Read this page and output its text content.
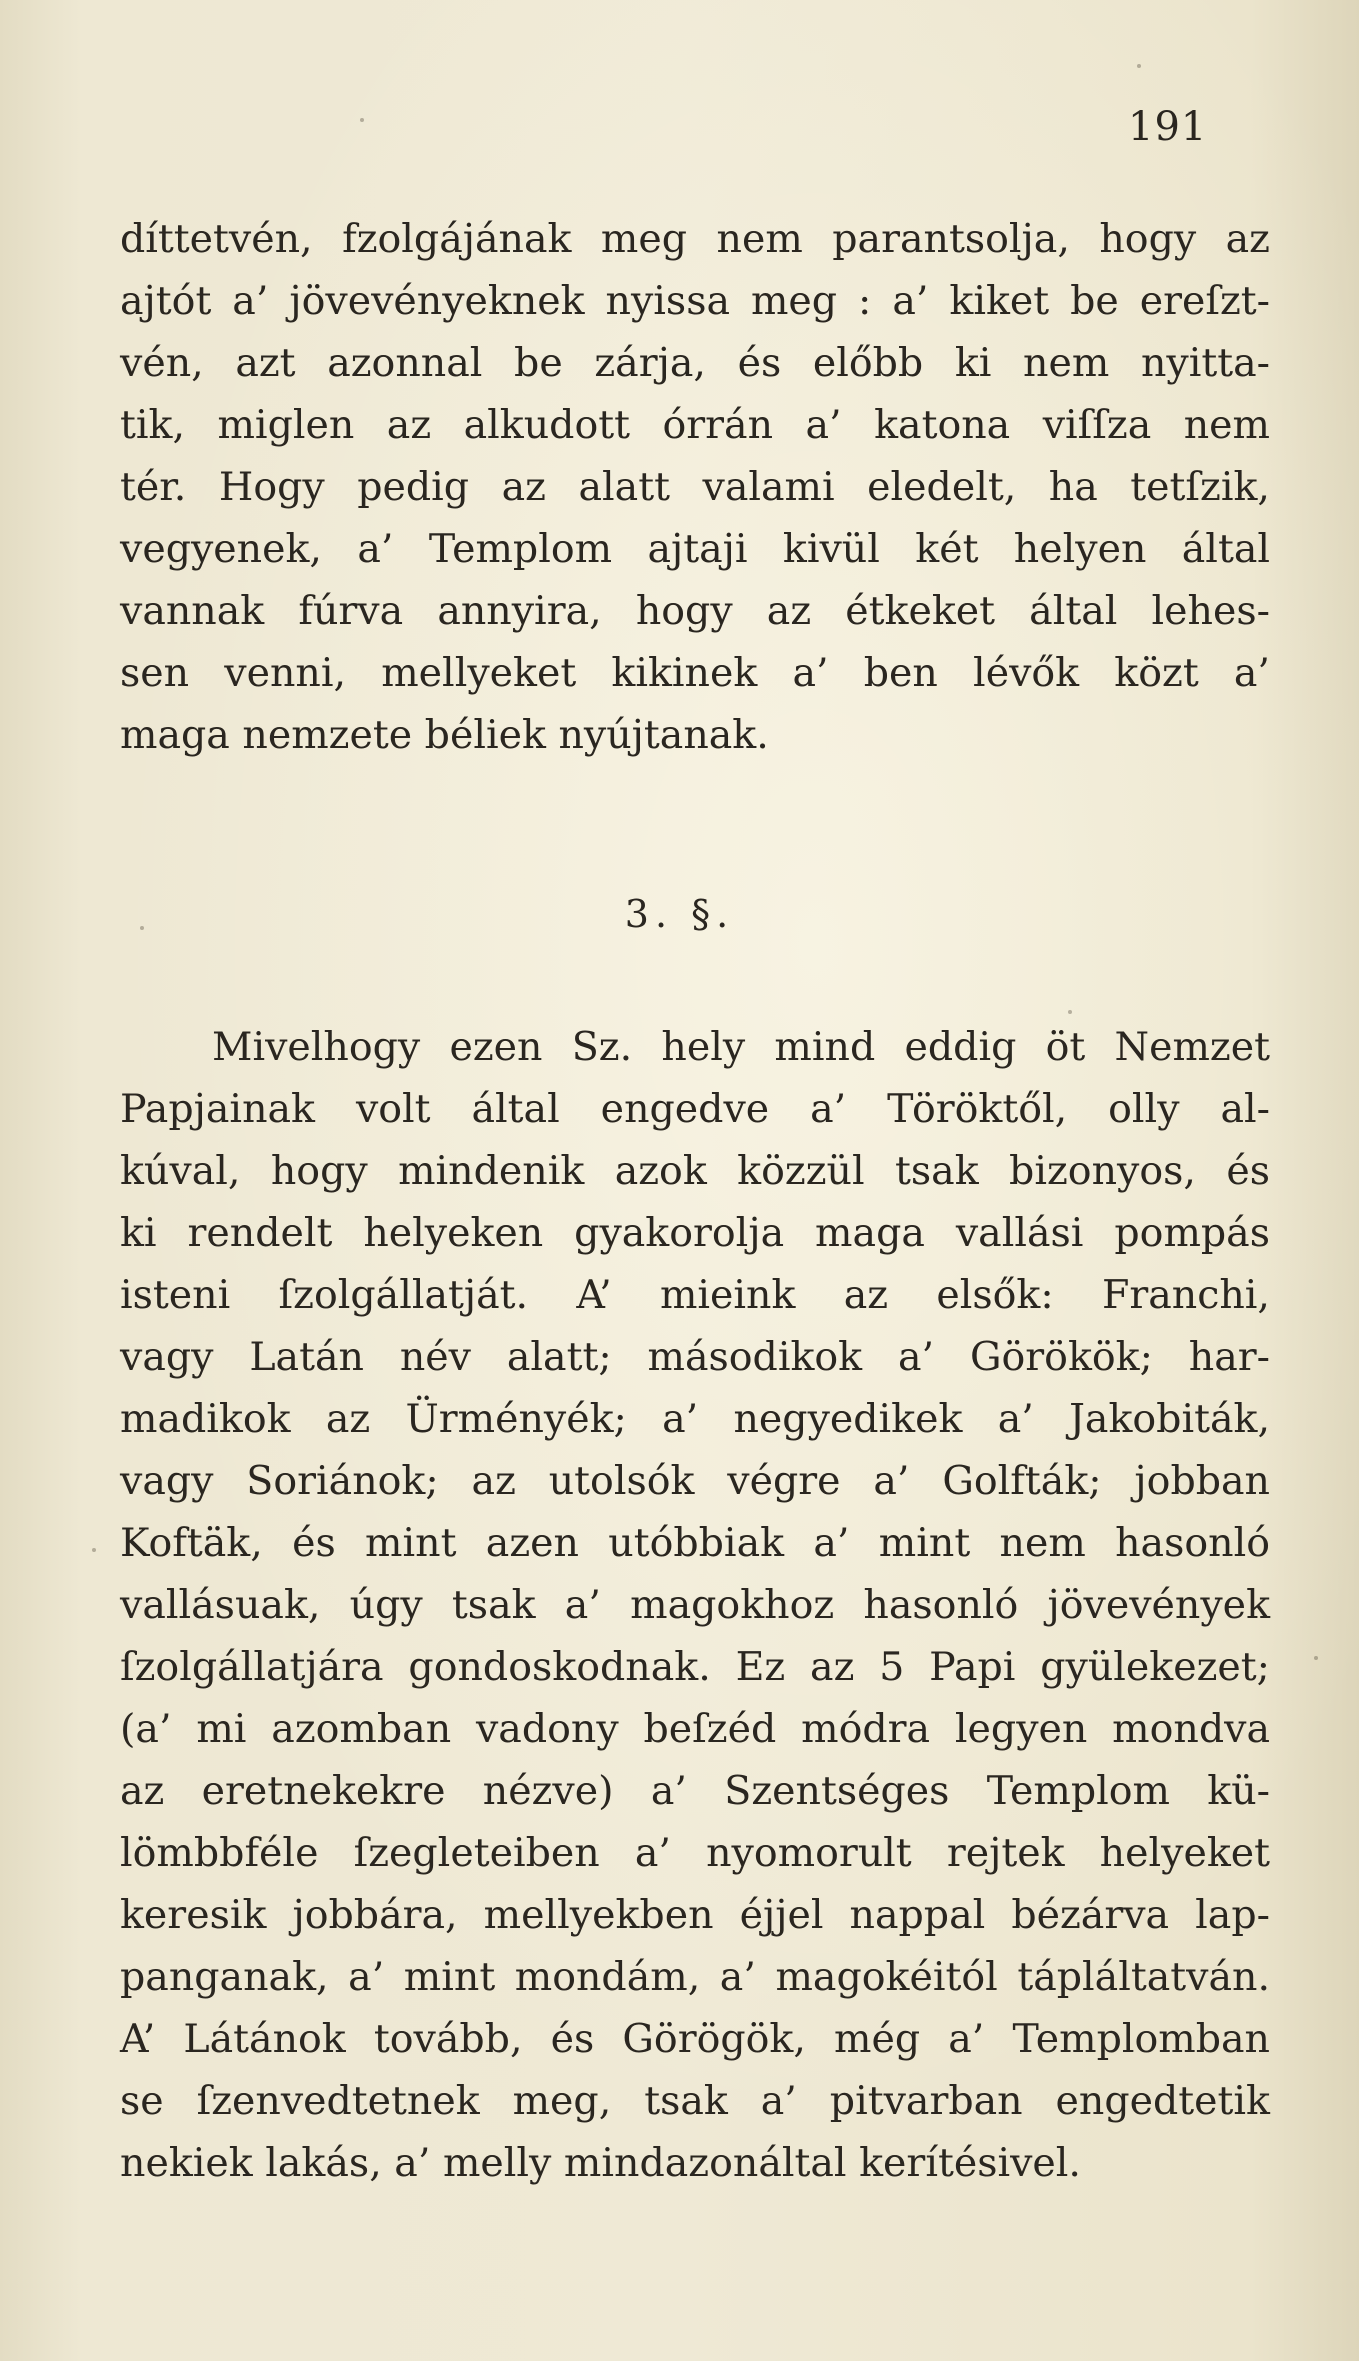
191
díttetvén, fzolgájának meg nem parantsolja, hogy az
ajtót a’ jövevényeknek nyissa meg : a’ kiket be ereſzt-
vén, azt azonnal be zárja, és előbb ki nem nyitta-
tik, miglen az alkudott órrán a’ katona viſſza nem
tér. Hogy pedig az alatt valami eledelt, ha tetſzik,
vegyenek, a’ Templom ajtaji kivül két helyen által
vannak fúrva annyira, hogy az étkeket által lehes-
sen venni, mellyeket kikinek a’ ben lévők közt a’
maga nemzete béliek nyújtanak.
3. §.
Mivelhogy ezen Sz. hely mind eddig öt Nemzet
Papjainak volt által engedve a’ Töröktől, olly al-
kúval, hogy mindenik azok közzül tsak bizonyos, és
ki rendelt helyeken gyakorolja maga vallási pompás
isteni ſzolgállatját. A’ mieink az elsők: Franchi,
vagy Latán név alatt; másodikok a’ Görökök; har-
madikok az Ürményék; a’ negyedikek a’ Jakobiták,
vagy Soriánok; az utolsók végre a’ Golfták; jobban
Koftäk, és mint azen utóbbiak a’ mint nem hasonló
vallásuak, úgy tsak a’ magokhoz hasonló jövevények
ſzolgállatjára gondoskodnak. Ez az 5 Papi gyülekezet;
(a’ mi azomban vadony beſzéd módra legyen mondva
az eretnekekre nézve) a’ Szentséges Templom kü-
lömbbféle ſzegleteiben a’ nyomorult rejtek helyeket
keresik jobbára, mellyekben éjjel nappal bézárva lap-
panganak, a’ mint mondám, a’ magokéitól tápláltatván.
A’ Látánok tovább, és Görögök, még a’ Templomban
se ſzenvedtetnek meg, tsak a’ pitvarban engedtetik
nekiek lakás, a’ melly mindazonáltal kerítésivel.
